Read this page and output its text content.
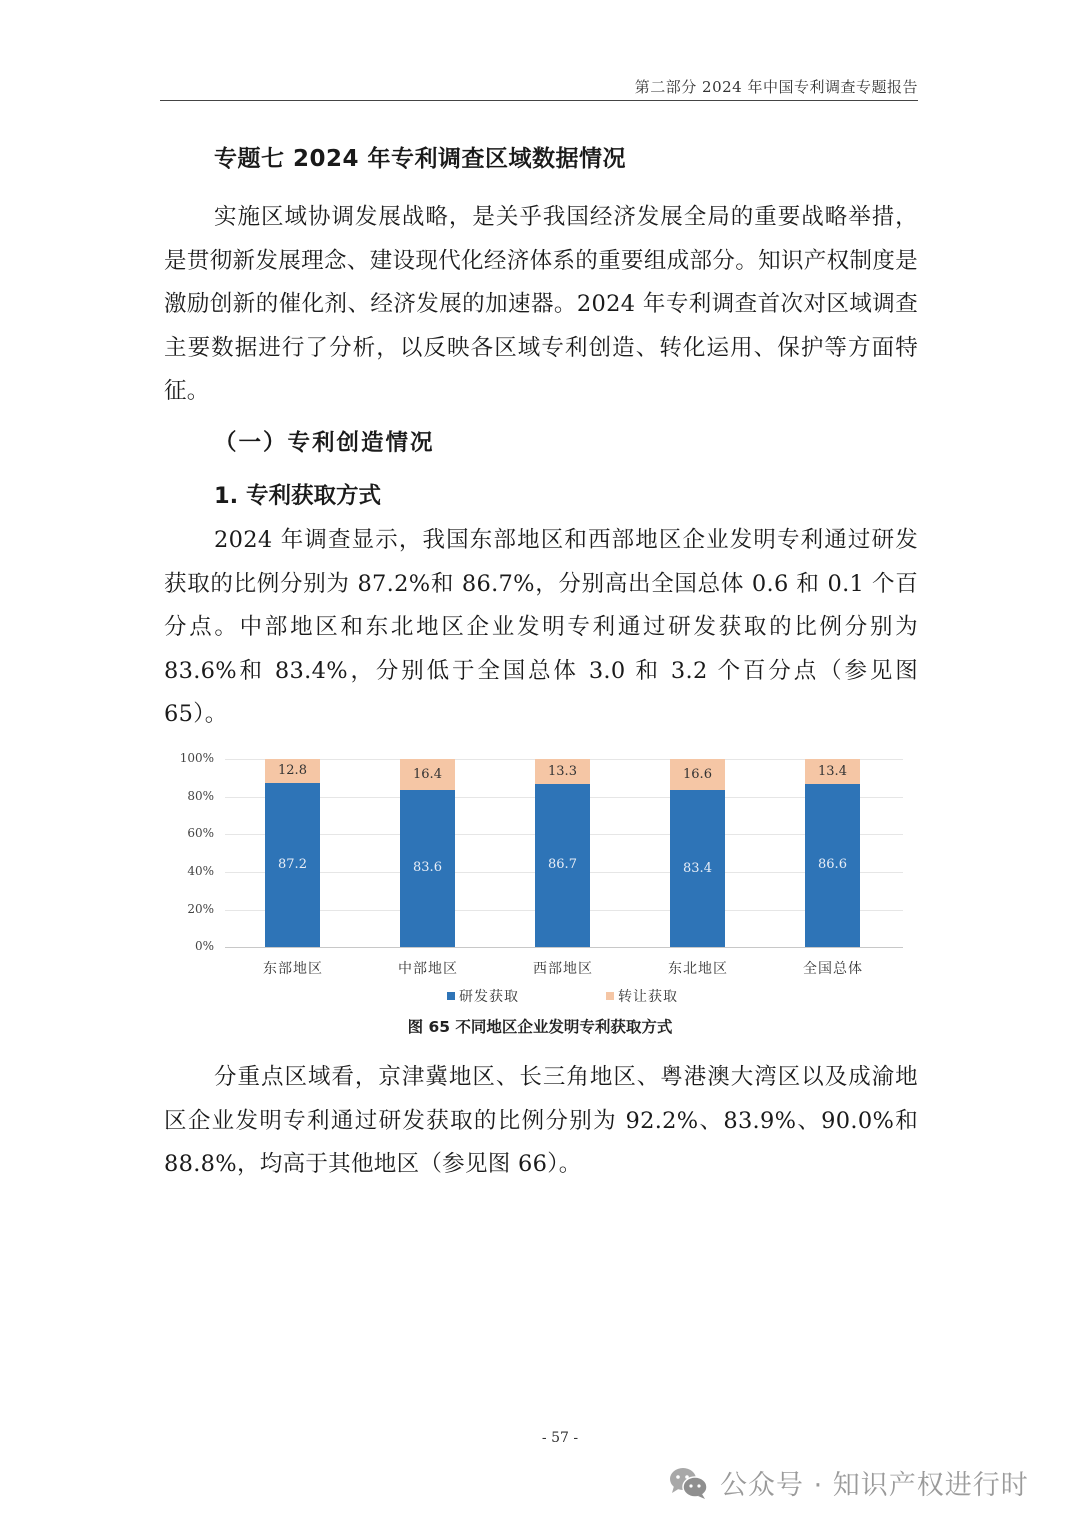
第二部分 2024 年中国专利调查专题报告
专题七 2024 年专利调查区域数据情况
实施区域协调发展战略，是关乎我国经济发展全局的重要战略举措，是贯彻新发展理念、建设现代化经济体系的重要组成部分。知识产权制度是激励创新的催化剂、经济发展的加速器。2024 年专利调查首次对区域调查主要数据进行了分析，以反映各区域专利创造、转化运用、保护等方面特征。
（一）专利创造情况
1. 专利获取方式
2024 年调查显示，我国东部地区和西部地区企业发明专利通过研发获取的比例分别为 87.2%和 86.7%，分别高出全国总体 0.6 和 0.1 个百分点。中部地区和东北地区企业发明专利通过研发获取的比例分别为 83.6%和 83.4%，分别低于全国总体 3.0 和 3.2 个百分点（参见图 65）。
100%
80%
60%
40%
20%
0%
12.8
87.2
16.4
83.6
13.3
86.7
16.6
83.4
13.4
86.6
东部地区	中部地区	西部地区	东北地区	全国总体
研发获取	转让获取
图 65 不同地区企业发明专利获取方式
分重点区域看，京津冀地区、长三角地区、粤港澳大湾区以及成渝地区企业发明专利通过研发获取的比例分别为 92.2%、83.9%、90.0%和 88.8%，均高于其他地区（参见图 66）。
- 57 -
公众号 · 知识产权进行时
